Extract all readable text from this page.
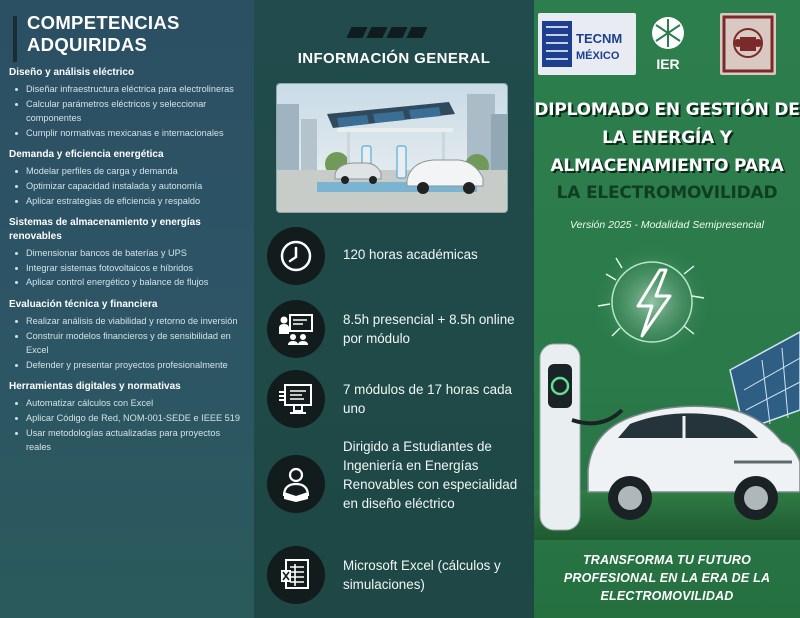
COMPETENCIAS
ADQUIRIDAS
Diseño y análisis eléctrico
Diseñar infraestructura eléctrica para electrolineras
Calcular parámetros eléctricos y seleccionar componentes
Cumplir normativas mexicanas e internacionales
Demanda y eficiencia energética
Modelar perfiles de carga y demanda
Optimizar capacidad instalada y autonomía
Aplicar estrategias de eficiencia y respaldo
Sistemas de almacenamiento y energías renovables
Dimensionar bancos de baterías y UPS
Integrar sistemas fotovoltaicos e híbridos
Aplicar control energético y balance de flujos
Evaluación técnica y financiera
Realizar análisis de viabilidad y retorno de inversión
Construir modelos financieros y de sensibilidad en Excel
Defender y presentar proyectos profesionalmente
Herramientas digitales y normativas
Automatizar cálculos con Excel
Aplicar Código de Red, NOM-001-SEDE e IEEE 519
Usar metodologías actualizadas para proyectos reales
INFORMACIÓN GENERAL
120 horas académicas
8.5h presencial + 8.5h online por módulo
7 módulos de 17 horas cada uno
Dirigido a Estudiantes de Ingeniería en Energías Renovables con especialidad en diseño eléctrico
Microsoft Excel (cálculos y simulaciones)
TECNM
MÉXICO	IER
DIPLOMADO EN GESTIÓN DE
LA ENERGÍA Y
ALMACENAMIENTO PARA
LA ELECTROMOVILIDAD
Versión 2025 - Modalidad Semipresencial
TRANSFORMA TU FUTURO
PROFESIONAL EN LA ERA DE LA
ELECTROMOVILIDAD
